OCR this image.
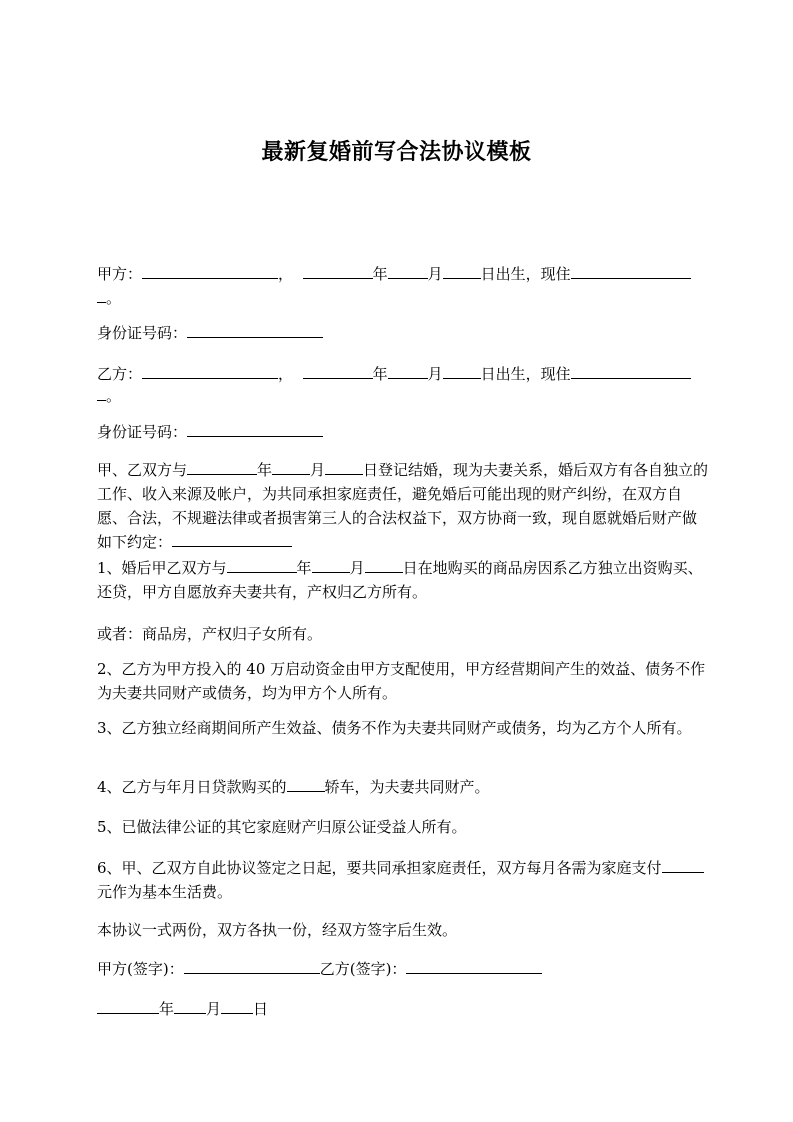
最新复婚前写合法协议模板
甲方：	，	年	月	日出生，现住
。
身份证号码：
乙方：	，	年	月	日出生，现住
。
身份证号码：
甲、乙双方与	年	月	日登记结婚，现为夫妻关系，婚后双方有各自独立的工作、收入来源及帐户，为共同承担家庭责任，避免婚后可能出现的财产纠纷，在双方自愿、合法，不规避法律或者损害第三人的合法权益下，双方协商一致，现自愿就婚后财产做如下约定：
1、婚后甲乙双方与	年	月	日在地购买的商品房因系乙方独立出资购买、还贷，甲方自愿放弃夫妻共有，产权归乙方所有。
或者：商品房，产权归子女所有。
2、乙方为甲方投入的 40 万启动资金由甲方支配使用，甲方经营期间产生的效益、债务不作为夫妻共同财产或债务，均为甲方个人所有。
3、乙方独立经商期间所产生效益、债务不作为夫妻共同财产或债务，均为乙方个人所有。
4、乙方与年月日贷款购买的	轿车，为夫妻共同财产。
5、已做法律公证的其它家庭财产归原公证受益人所有。
6、甲、乙双方自此协议签定之日起，要共同承担家庭责任，双方每月各需为家庭支付元作为基本生活费。
本协议一式两份，双方各执一份，经双方签字后生效。
甲方(签字)：	乙方(签字)：
年 月 日
